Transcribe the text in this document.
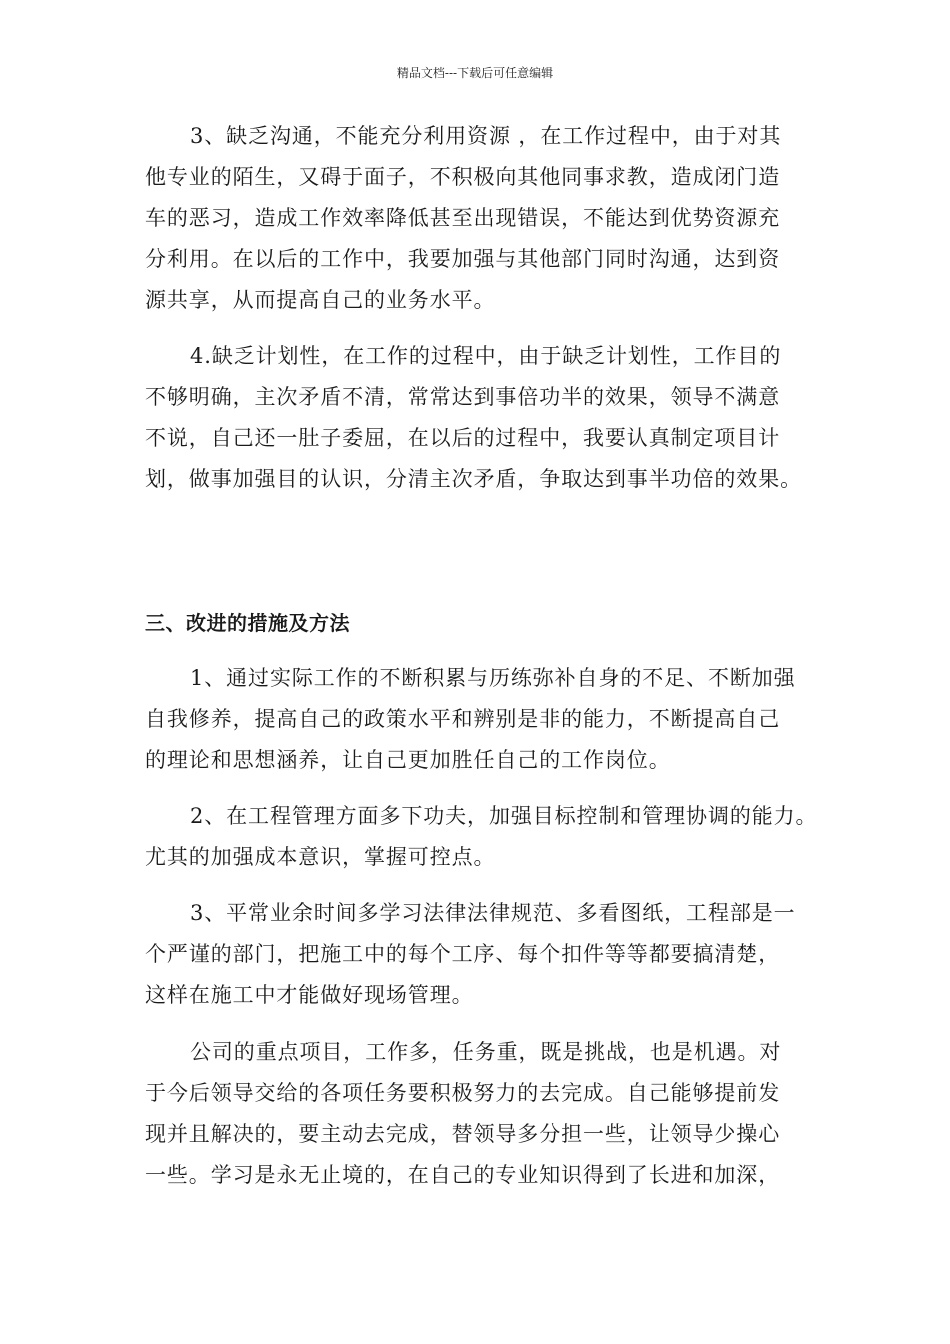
精品文档---下载后可任意编辑
3、缺乏沟通，不能充分利用资源 ，在工作过程中，由于对其
他专业的陌生，又碍于面子，不积极向其他同事求教，造成闭门造
车的恶习，造成工作效率降低甚至出现错误，不能达到优势资源充
分利用。在以后的工作中，我要加强与其他部门同时沟通，达到资
源共享，从而提高自己的业务水平。
4.缺乏计划性，在工作的过程中，由于缺乏计划性，工作目的
不够明确，主次矛盾不清，常常达到事倍功半的效果，领导不满意
不说，自己还一肚子委屈，在以后的过程中，我要认真制定项目计
划，做事加强目的认识，分清主次矛盾，争取达到事半功倍的效果。
三、改进的措施及方法
1、通过实际工作的不断积累与历练弥补自身的不足、不断加强
自我修养，提高自己的政策水平和辨别是非的能力，不断提高自己
的理论和思想涵养，让自己更加胜任自己的工作岗位。
2、在工程管理方面多下功夫，加强目标控制和管理协调的能力。
尤其的加强成本意识，掌握可控点。
3、平常业余时间多学习法律法律规范、多看图纸，工程部是一
个严谨的部门，把施工中的每个工序、每个扣件等等都要搞清楚，
这样在施工中才能做好现场管理。
公司的重点项目，工作多，任务重，既是挑战，也是机遇。对
于今后领导交给的各项任务要积极努力的去完成。自己能够提前发
现并且解决的，要主动去完成，替领导多分担一些，让领导少操心
一些。学习是永无止境的，在自己的专业知识得到了长进和加深，
